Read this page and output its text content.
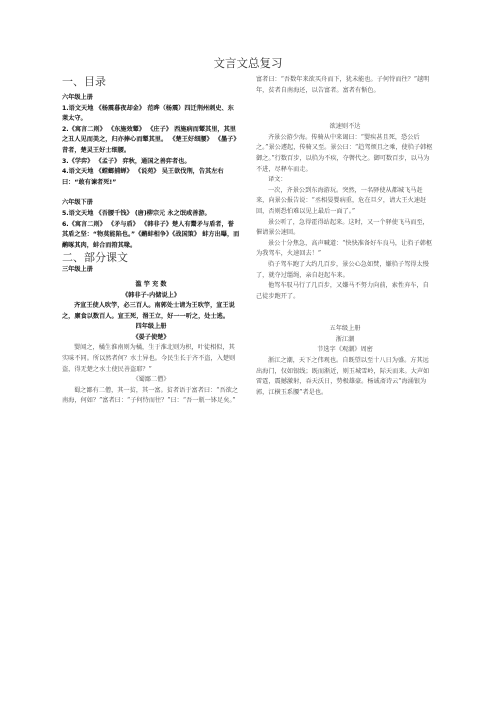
文言文总复习

一、目录

六年级上册

1.语文天地 《杨震暮夜却金》 范晔（杨震）四迁荆州刺史、东莱太守。

2.《寓言二则》 《东施效颦》 《庄子》 西施病而颦其里，其里之丑人见而美之，归亦捧心而颦其里。 《楚王好细腰》 《墨子》 昔者，楚灵王好士细腰。

3.《学弈》 《孟子》 弈秋，通国之善弈者也。

4.语文天地 《螳螂捕蝉》 《说苑》 吴王欲伐荆，告其左右曰：“敢有谏者死!”

六年级下册

5.语文天地 《吾腰千钱》 (唐)柳宗元 永之氓咸善游。

6.《寓言二则》 《矛与盾》 《韩非子》楚人有鬻矛与盾者，誉其盾之坚：“物莫能陷也。”《鹬蚌相争》《战国策》 蚌方出曝，而鹬啄其肉，蚌合而箝其喙。

二、部分课文

三年级上册

滥 竽 充 数

《韩非子·内储说上》

齐宣王使人吹竽，必三百人。南郭处士请为王吹竽，宣王说之，廪食以数百人。宣王死，湣王立，好一一听之，处士逃。

四年级上册

《晏子使楚》

婴闻之，橘生淮南则为橘，生于淮北则为枳，叶徒相似，其实味不同。所以然者何？水土异也。今民生长于齐不盗，入楚则盗，得无楚之水土使民善盗耶？”

《蜀鄙二僧》

蜀之鄙有二僧，其一贫，其一富。贫者语于富者曰：“吾欲之南海，何如？”富者曰：“子何恃而往？”曰：“吾一瓶一钵足矣。”

富者曰：“吾数年来欲买舟而下，犹未能也。子何恃而往？”越明年，贫者自南海还，以告富者。富者有惭色。

欲速则不达

齐景公游少海。传骑从中来谒曰：“婴疾甚且死，恐公后之。”景公遽起，传骑又至。景公曰：“趋驾烦且之乘，使驺子韩枢御之。”行数百步，以驺为不疾，夺辔代之。御可数百步，以马为不进，尽释车而走。

译文：

一次，齐景公到东海游玩。突然，一名驿使从都城飞马赶来，向景公报告说：“丞相晏婴病重，危在旦夕，请大王火速赶回，否则恐怕难以见上最后一面了。”

景公听了，急得霍得站起来。这时，又一个驿使飞马而至，催请景公速回。

景公十分焦急，高声喊道：“快快准备好车良马，让驺子韩枢为我驾车，火速回去！”

驺子驾车跑了大约几百步，景公心急如焚，嫌驺子驾得太慢了，就夺过缰绳，亲自赶起车来。

他驾车驭马行了几百步，又嫌马不努力向前，索性弃车，自己徒步跑开了。

五年级上册

浙江潮

节选字《观潮》周密

浙江之潮，天下之伟观也。自既望以至十八日为盛。方其远出海门，仅如银线；既而渐近，则玉城雪岭，际天而来。大声如雷霆，震撼激射，吞天沃日，势极雄豪。杨诚斋诗云“海涌银为郭，江横玉系腰”者是也。
